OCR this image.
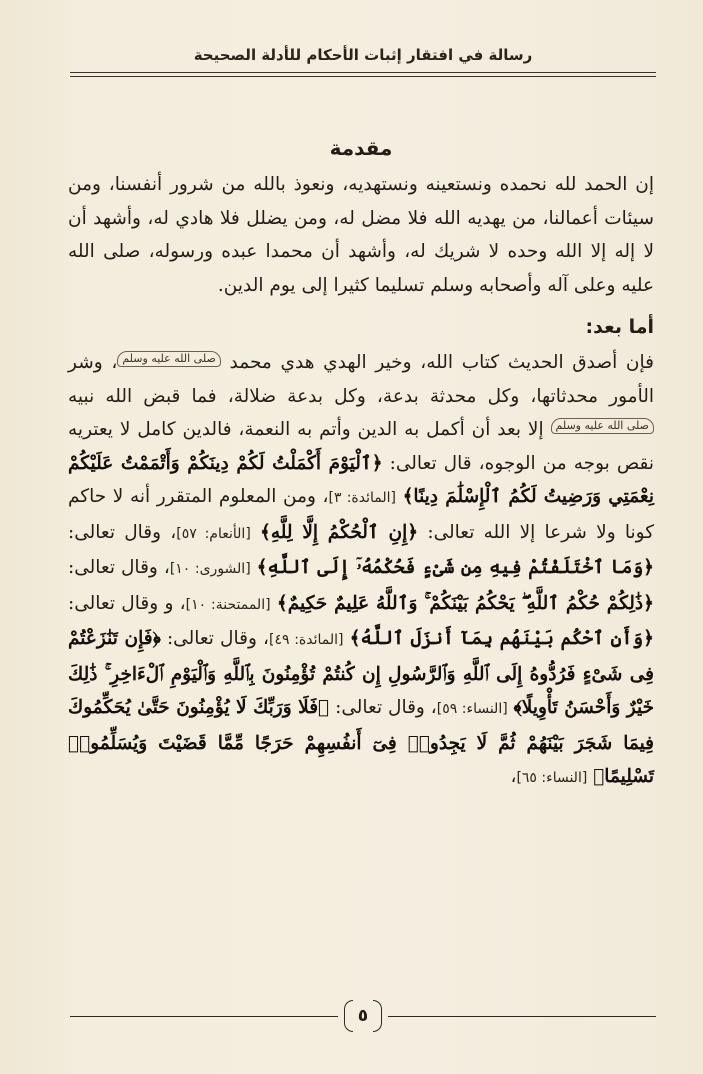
رسالة في افتقار إثبات الأحكام للأدلة الصحيحة

مقدمة

إن الحمد لله نحمده ونستعينه ونستهديه، ونعوذ بالله من شرور أنفسنا، ومن سيئات أعمالنا، من يهديه الله فلا مضل له، ومن يضلل فلا هادي له، وأشهد أن لا إله إلا الله وحده لا شريك له، وأشهد أن محمدا عبده ورسوله، صلى الله عليه وعلى آله وأصحابه وسلم تسليما كثيرا إلى يوم الدين.

أما بعد:

فإن أصدق الحديث كتاب الله، وخير الهدي هدي محمد صلى الله عليه وسلم، وشر الأمور محدثاتها، وكل محدثة بدعة، وكل بدعة ضلالة، فما قبض الله نبيه صلى الله عليه وسلم إلا بعد أن أكمل به الدين وأتم به النعمة، فالدين كامل لا يعتريه نقص بوجه من الوجوه، قال تعالى: ﴿ٱلْيَوْمَ أَكْمَلْتُ لَكُمْ دِينَكُمْ وَأَتْمَمْتُ عَلَيْكُمْ نِعْمَتِي وَرَضِيتُ لَكُمُ ٱلْإِسْلَٰمَ دِينًا﴾ [المائدة: ٣]، ومن المعلوم المتقرر أنه لا حاكم كونا ولا شرعا إلا الله تعالى: ﴿إِنِ ٱلْحُكْمُ إِلَّا لِلَّهِ﴾ [الأنعام: ٥٧]، وقال تعالى: ﴿وَمَا ٱخْتَلَفْتُمْ فِيهِ مِن شَىْءٍ فَحُكْمُهُۥٓ إِلَى ٱللَّهِ﴾ [الشورى: ١٠]، وقال تعالى: ﴿ذَٰلِكُمْ حُكْمُ ٱللَّهِ ۖ يَحْكُمُ بَيْنَكُمْ ۚ وَٱللَّهُ عَلِيمٌ حَكِيمٌ﴾ [الممتحنة: ١٠]، و وقال تعالى: ﴿وَأَنِ ٱحْكُم بَيْنَهُم بِمَآ أَنزَلَ ٱللَّهُ﴾ [المائدة: ٤٩]، وقال تعالى: ﴿فَإِن تَنَٰزَعْتُمْ فِى شَىْءٍ فَرُدُّوهُ إِلَى ٱللَّهِ وَٱلرَّسُولِ إِن كُنتُمْ تُؤْمِنُونَ بِٱللَّهِ وَٱلْيَوْمِ ٱلْءَاخِرِ ۚ ذَٰلِكَ خَيْرٌ وَأَحْسَنُ تَأْوِيلًا﴾ [النساء: ٥٩]، وقال تعالى: ﴿فَلَا وَرَبِّكَ لَا يُؤْمِنُونَ حَتَّىٰ يُحَكِّمُوكَ فِيمَا شَجَرَ بَيْنَهُمْ ثُمَّ لَا يَجِدُوا۟ فِىٓ أَنفُسِهِمْ حَرَجًا مِّمَّا قَضَيْتَ وَيُسَلِّمُوا۟ تَسْلِيمًا﴾ [النساء: ٦٥]،

٥
